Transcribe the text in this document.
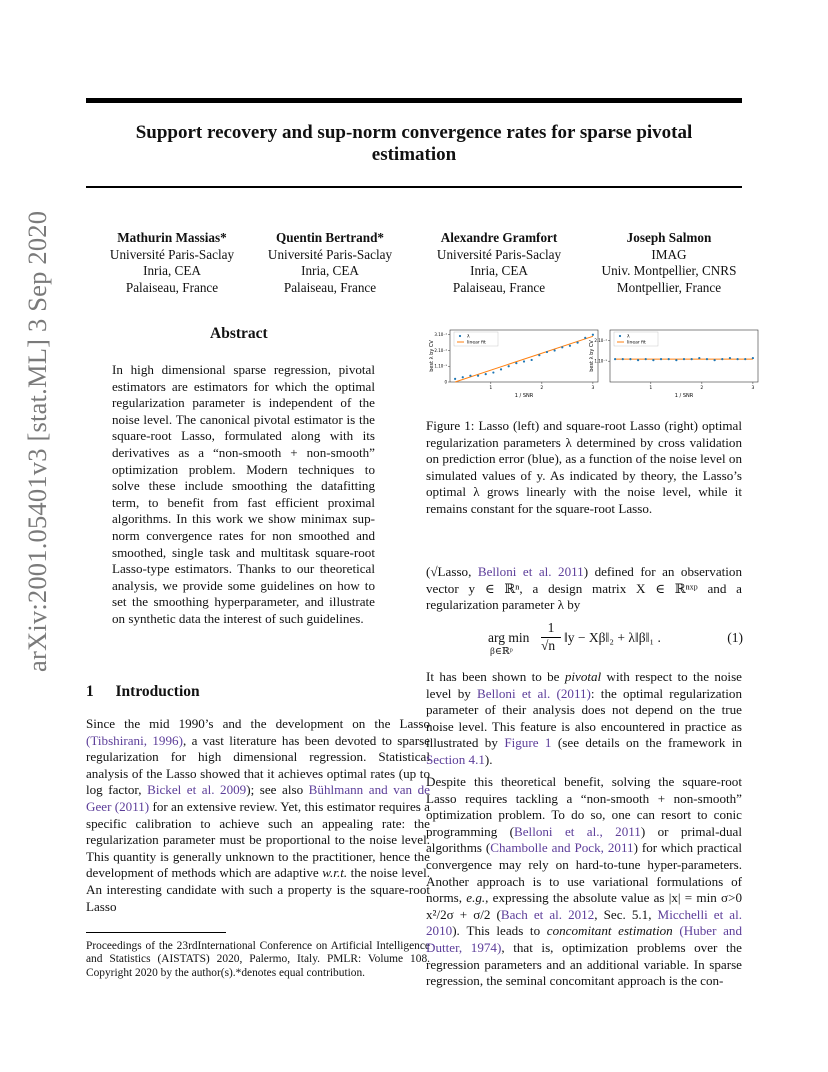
arXiv:2001.05401v3 [stat.ML] 3 Sep 2020
Support recovery and sup-norm convergence rates for sparse pivotal
estimation
Mathurin Massias*
Université Paris-Saclay
Inria, CEA
Palaiseau, France
Quentin Bertrand*
Université Paris-Saclay
Inria, CEA
Palaiseau, France
Alexandre Gramfort
Université Paris-Saclay
Inria, CEA
Palaiseau, France
Joseph Salmon
IMAG
Univ. Montpellier, CNRS
Montpellier, France
Abstract
In high dimensional sparse regression, pivotal estimators are estimators for which the optimal regularization parameter is independent of the noise level. The canonical pivotal estimator is the square-root Lasso, formulated along with its derivatives as a “non-smooth + non-smooth” optimization problem. Modern techniques to solve these include smoothing the datafitting term, to benefit from fast efficient proximal algorithms. In this work we show minimax sup-norm convergence rates for non smoothed and smoothed, single task and multitask square-root Lasso-type estimators. Thanks to our theoretical analysis, we provide some guidelines on how to set the smoothing hyperparameter, and illustrate on synthetic data the interest of such guidelines.
1 Introduction
Since the mid 1990’s and the development on the Lasso (Tibshirani, 1996), a vast literature has been devoted to sparse regularization for high dimensional regression. Statistical analysis of the Lasso showed that it achieves optimal rates (up to log factor, Bickel et al. 2009); see also Bühlmann and van de Geer (2011) for an extensive review. Yet, this estimator requires a specific calibration to achieve such an appealing rate: the regularization parameter must be proportional to the noise level. This quantity is generally unknown to the practitioner, hence the development of methods which are adaptive w.r.t. the noise level. An interesting candidate with such a property is the square-root Lasso
Proceedings of the 23rdInternational Conference on Artificial Intelligence and Statistics (AISTATS) 2020, Palermo, Italy. PMLR: Volume 108. Copyright 2020 by the author(s).*denotes equal contribution.
best λ by CV
3.10⁻¹
2.10⁻¹
1.10⁻¹
0
1	2	3
1 / SNR
λ
linear fit	best λ by CV 2.10⁻¹
1.10⁻¹
1	2	3
1 / SNR
λ
linear fit
Figure 1: Lasso (left) and square-root Lasso (right) optimal regularization parameters λ determined by cross validation on prediction error (blue), as a function of the noise level on simulated values of y. As indicated by theory, the Lasso’s optimal λ grows linearly with the noise level, while it remains constant for the square-root Lasso.
(√Lasso, Belloni et al. 2011) defined for an observation vector y ∈ ℝⁿ, a design matrix X ∈ ℝⁿˣᵖ and a regularization parameter λ by
arg min
β∈ℝᵖ
1
√n
‖y − Xβ‖₂ + λ‖β‖₁ .	(1)
It has been shown to be pivotal with respect to the noise level by Belloni et al. (2011): the optimal regularization parameter of their analysis does not depend on the true noise level. This feature is also encountered in practice as illustrated by Figure 1 (see details on the framework in Section 4.1).
Despite this theoretical benefit, solving the square-root Lasso requires tackling a “non-smooth + non-smooth” optimization problem. To do so, one can resort to conic programming (Belloni et al., 2011) or primal-dual algorithms (Chambolle and Pock, 2011) for which practical convergence may rely on hard-to-tune hyper-parameters. Another approach is to use variational formulations of norms, e.g., expressing the absolute value as |x| = min σ>0 x²/2σ + σ/2 (Bach et al. 2012, Sec. 5.1, Micchelli et al. 2010). This leads to concomitant estimation (Huber and Dutter, 1974), that is, optimization problems over the regression parameters and an additional variable. In sparse regression, the seminal concomitant approach is the con-
